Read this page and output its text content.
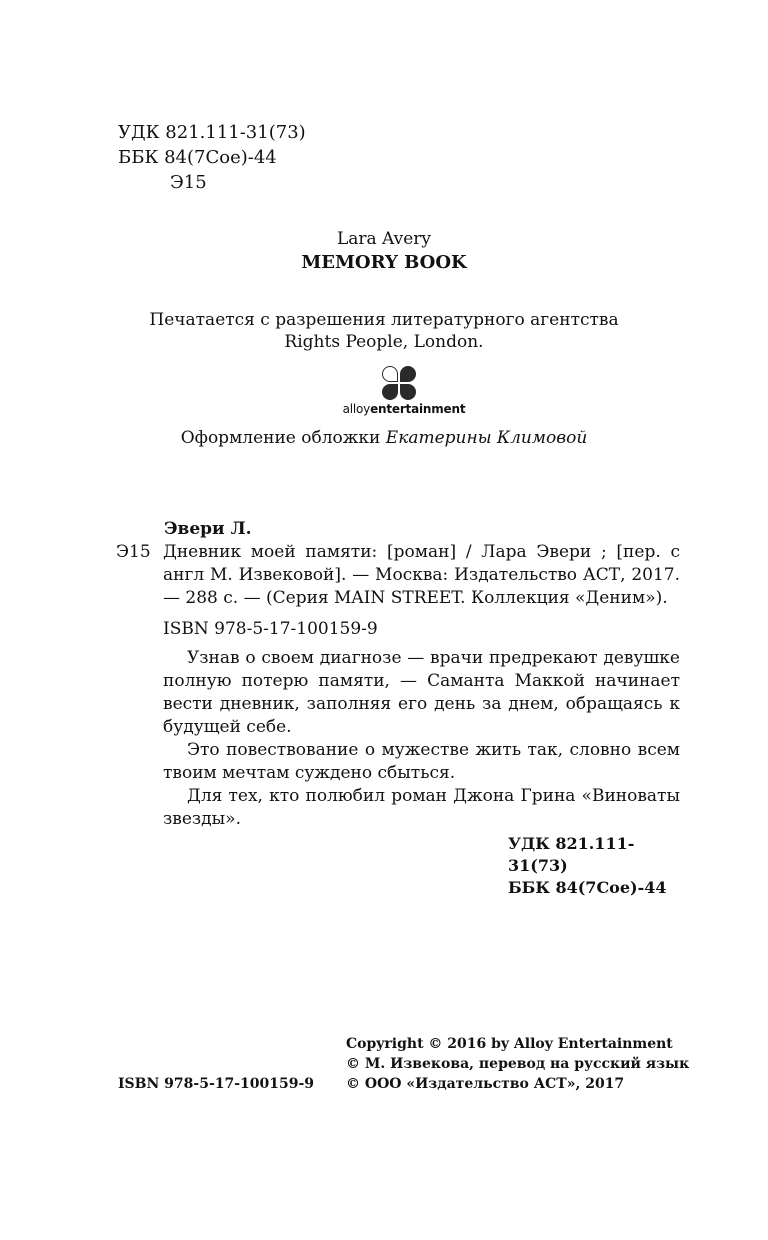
УДК 821.111-31(73)
ББК 84(7Сое)-44
Э15
Lara Avery
MEMORY BOOK
Печатается с разрешения литературного агентства
Rights People, London.
alloyentertainment
Оформление обложки Екатерины Климовой
Эвери Л.
Э15 Дневник моей памяти: [роман] / Лара Эвери ; [пер. с англ М. Извековой]. — Москва: Издательство АСТ, 2017. — 288 с. — (Серия MAIN STREET. Коллекция «Деним»).
ISBN 978-5-17-100159-9

Узнав о своем диагнозе — врачи предрекают девушке полную потерю памяти, — Саманта Маккой начинает вести дневник, заполняя его день за днем, обращаясь к будущей себе.

Это повествование о мужестве жить так, словно всем твоим мечтам суждено сбыться.

Для тех, кто полюбил роман Джона Грина «Виноваты звезды».

УДК 821.111-31(73)
ББК 84(7Сое)-44
Copyright © 2016 by Alloy Entertainment
© М. Извекова, перевод на русский язык
© ООО «Издательство АСТ», 2017
ISBN 978-5-17-100159-9
